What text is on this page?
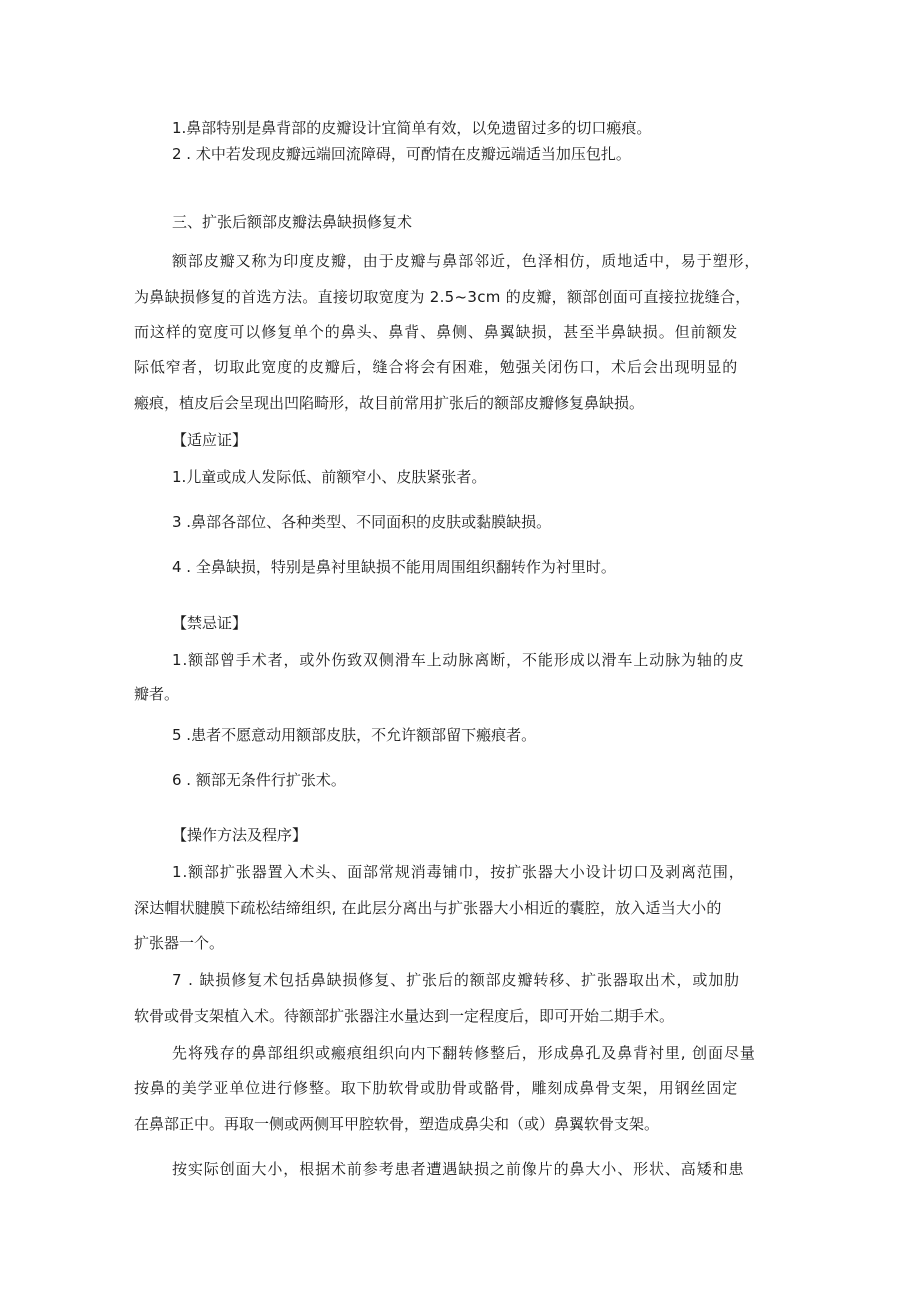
1.鼻部特别是鼻背部的皮瓣设计宜简单有效，以免遗留过多的切口瘢痕。
2 . 术中若发现皮瓣远端回流障碍，可酌情在皮瓣远端适当加压包扎。
三、扩张后额部皮瓣法鼻缺损修复术
额部皮瓣又称为印度皮瓣，由于皮瓣与鼻部邻近，色泽相仿，质地适中，易于塑形，
为鼻缺损修复的首选方法。直接切取宽度为 2.5~3cm 的皮瓣，额部创面可直接拉拢缝合，
而这样的宽度可以修复单个的鼻头、鼻背、鼻侧、鼻翼缺损，甚至半鼻缺损。但前额发
际低窄者，切取此宽度的皮瓣后，缝合将会有困难，勉强关闭伤口，术后会出现明显的
瘢痕，植皮后会呈现出凹陷畸形，故目前常用扩张后的额部皮瓣修复鼻缺损。
【适应证】
1.儿童或成人发际低、前额窄小、皮肤紧张者。
3 .鼻部各部位、各种类型、不同面积的皮肤或黏膜缺损。
4 . 全鼻缺损，特别是鼻衬里缺损不能用周围组织翻转作为衬里时。
【禁忌证】
1.额部曾手术者，或外伤致双侧滑车上动脉离断，不能形成以滑车上动脉为轴的皮
瓣者。
5 .患者不愿意动用额部皮肤，不允许额部留下瘢痕者。
6 . 额部无条件行扩张术。
【操作方法及程序】
1.额部扩张器置入术头、面部常规消毒铺巾，按扩张器大小设计切口及剥离范围，
深达帽状腱膜下疏松结缔组织, 在此层分离出与扩张器大小相近的囊腔，放入适当大小的
扩张器一个。
7 . 缺损修复术包括鼻缺损修复、扩张后的额部皮瓣转移、扩张器取出术，或加肋
软骨或骨支架植入术。待额部扩张器注水量达到一定程度后，即可开始二期手术。
先将残存的鼻部组织或瘢痕组织向内下翻转修整后，形成鼻孔及鼻背衬里, 创面尽量
按鼻的美学亚单位进行修整。取下肋软骨或肋骨或骼骨，雕刻成鼻骨支架，用钢丝固定
在鼻部正中。再取一侧或两侧耳甲腔软骨，塑造成鼻尖和（或）鼻翼软骨支架。
按实际创面大小，根据术前参考患者遭遇缺损之前像片的鼻大小、形状、高矮和患
